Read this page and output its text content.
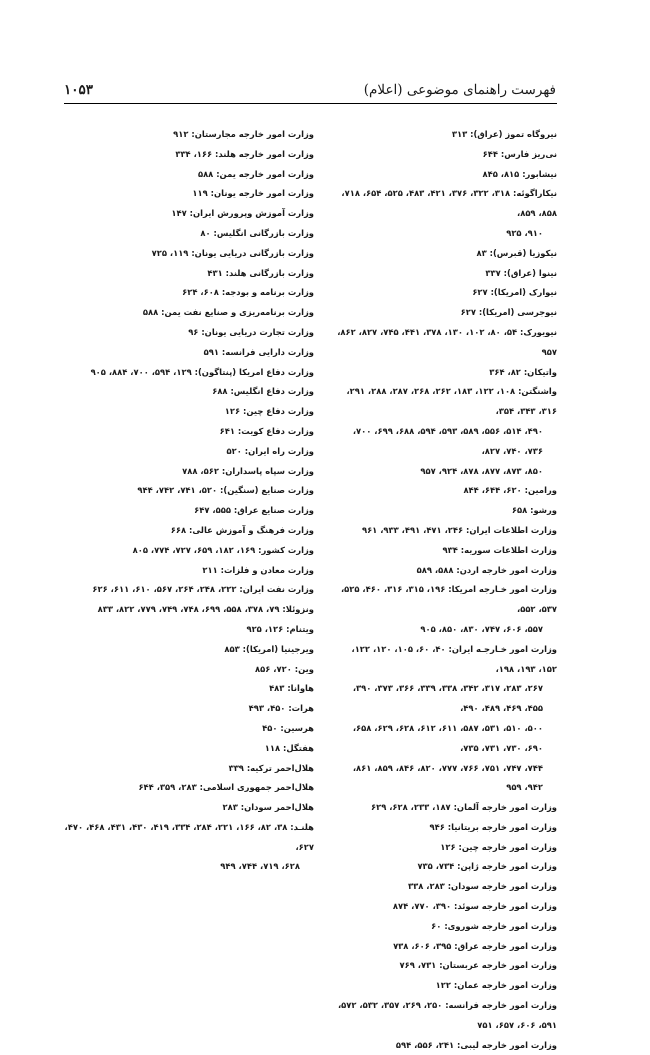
فهرست راهنمای موضوعی (اعلام)
۱۰۵۳
نیروگاه تموز (عراق): ۳۱۳
نی‌ریز فارس: ۶۴۴
نیشابور: ۸۱۵، ۸۴۵
نیکاراگوئه: ۳۱۸، ۳۲۲، ۳۷۶، ۴۲۱، ۴۸۳، ۵۲۵، ۶۵۴، ۷۱۸، ۸۵۸، ۸۵۹،
۹۱۰، ۹۲۵
نیکوزیا (قبرس): ۸۳
نینوا (عراق): ۳۳۷
نیوارک (امریکا): ۶۲۷
نیوجرسی (امریکا): ۶۲۷
نیویورک: ۵۴، ۸۰، ۱۰۲، ۱۳۰، ۳۷۸، ۴۴۱، ۷۴۵، ۸۲۷، ۸۶۲، ۹۵۷
واتیکان: ۸۲، ۳۶۴
واشنگتن: ۱۰۸، ۱۲۲، ۱۸۳، ۲۶۲، ۲۶۸، ۲۸۷، ۲۸۸، ۲۹۱، ۳۱۶، ۳۴۳، ۳۵۴،
۴۹۰، ۵۱۴، ۵۵۶، ۵۸۹، ۵۹۳، ۵۹۴، ۶۸۸، ۶۹۹، ۷۰۰، ۷۳۶، ۷۴۰، ۸۲۷،
۸۵۰، ۸۷۳، ۸۷۷، ۸۷۸، ۹۲۴، ۹۵۷
ورامین: ۶۲۰، ۶۴۴، ۸۴۴
ورشو: ۶۵۸
وزارت اطلاعات ایران: ۲۴۶، ۴۷۱، ۴۹۱، ۹۳۳، ۹۶۱
وزارت اطلاعات سوریه: ۹۳۴
وزارت امور خارجه اردن: ۵۸۸، ۵۸۹
وزارت امور خـارجه امریکا: ۱۹۶، ۳۱۵، ۳۱۶، ۴۶۰، ۵۲۵، ۵۳۷، ۵۵۲،
۵۵۷، ۶۰۶، ۷۴۷، ۸۳۰، ۸۵۰، ۹۰۵
وزارت امور خـارجـه ایران: ۴۰، ۶۰، ۱۰۵، ۱۲۰، ۱۲۲، ۱۵۲، ۱۹۳، ۱۹۸،
۲۶۷، ۲۸۳، ۳۱۷، ۳۴۲، ۳۳۸، ۳۳۹، ۳۶۶، ۳۷۳، ۳۹۰، ۴۵۵، ۴۶۹، ۴۸۹، ۴۹۰،
۵۰۰، ۵۱۰، ۵۳۱، ۵۸۷، ۶۱۱، ۶۱۲، ۶۲۸، ۶۲۹، ۶۵۸، ۶۹۰، ۷۳۰، ۷۳۱، ۷۳۵،
۷۴۴، ۷۴۷، ۷۵۱، ۷۶۶، ۷۷۷، ۸۲۰، ۸۴۶، ۸۵۹، ۸۶۱، ۹۴۲، ۹۵۹
وزارت امور خارجه آلمان: ۱۸۷، ۲۳۳، ۶۲۸، ۶۲۹
وزارت امور خارجه بریتانیا: ۹۴۶
وزارت امور خارجه چین: ۱۲۶
وزارت امور خارجه ژاپن: ۷۳۴، ۷۳۵
وزارت امور خارجه سودان: ۲۸۳، ۳۳۸
وزارت امور خارجه سوئد: ۳۹۰، ۷۷۰، ۸۷۴
وزارت امور خارجه شوروی: ۶۰
وزارت امور خارجه عراق: ۳۹۵، ۶۰۶، ۷۳۸
وزارت امور خارجه عربستان: ۷۳۱، ۷۶۹
وزارت امور خارجه عمان: ۱۲۲
وزارت امور خارجه فرانسه: ۲۵۰، ۲۶۹، ۳۵۷، ۵۳۲، ۵۷۲، ۵۹۱، ۶۰۶، ۶۵۷، ۷۵۱
وزارت امور خارجه لیبی: ۲۴۱، ۵۵۶، ۵۹۴
وزارت امور خارجه مجارستان: ۹۱۲
وزارت امور خارجه هلند: ۱۶۶، ۳۳۴
وزارت امور خارجه یمن: ۵۸۸
وزارت امور خارجه یونان: ۱۱۹
وزارت آموزش وپرورش ایران: ۱۴۷
وزارت بازرگانی انگلیس: ۸۰
وزارت بازرگانی دریایی یونان: ۱۱۹، ۷۲۵
وزارت بازرگانی هلند: ۴۳۱
وزارت برنامه و بودجه: ۶۰۸، ۶۲۴
وزارت برنامه‌ریزی و صنایع نفت یمن: ۵۸۸
وزارت تجارت دریایی یونان: ۹۶
وزارت دارایی فرانسه: ۵۹۱
وزارت دفاع امریکا (پنتاگون): ۱۲۹، ۵۹۴، ۷۰۰، ۸۸۴، ۹۰۵
وزارت دفاع انگلیس: ۶۸۸
وزارت دفاع چین: ۱۲۶
وزارت دفاع کویت: ۶۴۱
وزارت راه ایران: ۵۲۰
وزارت سپاه پاسداران: ۵۶۲، ۷۸۸
وزارت صنایع (سنگین): ۵۲۰، ۷۴۱، ۷۴۲، ۹۴۴
وزارت صنایع عراق: ۵۵۵، ۶۴۷
وزارت فرهنگ و آموزش عالی: ۶۶۸
وزارت کشور: ۱۶۹، ۱۸۲، ۶۵۹، ۷۲۷، ۷۷۴، ۸۰۵
وزارت معادن و فلزات: ۲۱۱
وزارت نفت ایران: ۲۲۲، ۲۴۸، ۲۶۴، ۵۶۷، ۶۱۰، ۶۱۱، ۶۲۶
ونزوئلا: ۷۹، ۳۷۸، ۵۵۸، ۶۹۹، ۷۴۸، ۷۴۹، ۷۷۹، ۸۲۲، ۸۳۳
ویتنام: ۱۲۶، ۹۲۵
ویرجینیا (امریکا): ۸۵۳
وین: ۷۲۰، ۸۵۶
هاوانا: ۴۸۳
هرات: ۴۵۰، ۴۹۳
هرسین: ۴۵۰
هفتگل: ۱۱۸
هلال‌احمر ترکیه: ۳۳۹
هلال‌احمر جمهوری اسلامی: ۲۸۳، ۳۵۹، ۶۴۴
هلال‌احمر سودان: ۲۸۳
هلنـد: ۳۸، ۸۲، ۱۶۶، ۲۲۱، ۲۸۴، ۳۳۴، ۴۱۹، ۴۳۰، ۴۳۱، ۴۶۸، ۴۷۰، ۶۲۷،
۶۲۸، ۷۱۹، ۷۴۴، ۹۴۹
